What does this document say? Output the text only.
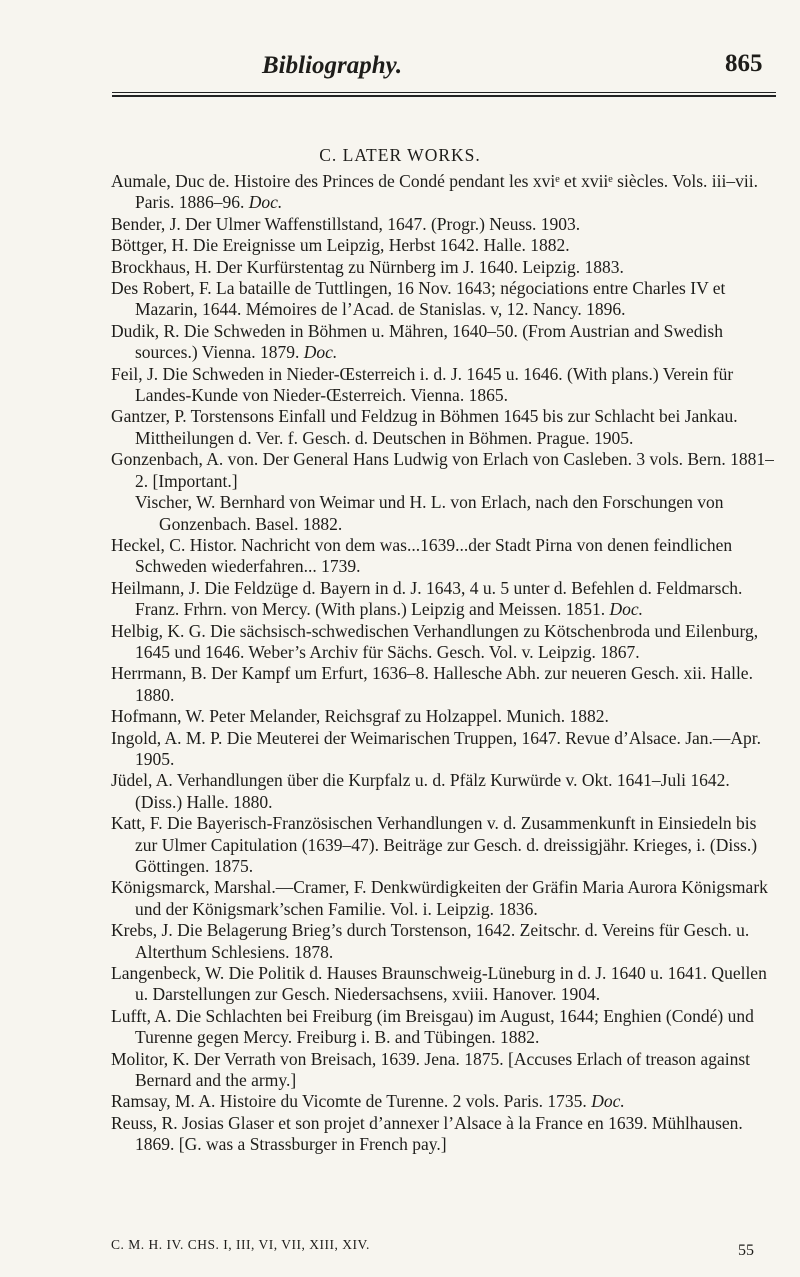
Bibliography.	865
C. LATER WORKS.

Aumale, Duc de. Histoire des Princes de Condé pendant les xviᵉ et xviiᵉ siècles. Vols. iii–vii. Paris. 1886–96. Doc.

Bender, J. Der Ulmer Waffenstillstand, 1647. (Progr.) Neuss. 1903.

Böttger, H. Die Ereignisse um Leipzig, Herbst 1642. Halle. 1882.

Brockhaus, H. Der Kurfürstentag zu Nürnberg im J. 1640. Leipzig. 1883.

Des Robert, F. La bataille de Tuttlingen, 16 Nov. 1643; négociations entre Charles IV et Mazarin, 1644. Mémoires de l’Acad. de Stanislas. v, 12. Nancy. 1896.

Dudik, R. Die Schweden in Böhmen u. Mähren, 1640–50. (From Austrian and Swedish sources.) Vienna. 1879. Doc.

Feil, J. Die Schweden in Nieder-Œsterreich i. d. J. 1645 u. 1646. (With plans.) Verein für Landes-Kunde von Nieder-Œsterreich. Vienna. 1865.

Gantzer, P. Torstensons Einfall und Feldzug in Böhmen 1645 bis zur Schlacht bei Jankau. Mittheilungen d. Ver. f. Gesch. d. Deutschen in Böhmen. Prague. 1905.

Gonzenbach, A. von. Der General Hans Ludwig von Erlach von Casleben. 3 vols. Bern. 1881–2. [Important.]

Vischer, W. Bernhard von Weimar und H. L. von Erlach, nach den Forschungen von Gonzenbach. Basel. 1882.

Heckel, C. Histor. Nachricht von dem was...1639...der Stadt Pirna von denen feindlichen Schweden wiederfahren... 1739.

Heilmann, J. Die Feldzüge d. Bayern in d. J. 1643, 4 u. 5 unter d. Befehlen d. Feldmarsch. Franz. Frhrn. von Mercy. (With plans.) Leipzig and Meissen. 1851. Doc.

Helbig, K. G. Die sächsisch-schwedischen Verhandlungen zu Kötschenbroda und Eilenburg, 1645 und 1646. Weber’s Archiv für Sächs. Gesch. Vol. v. Leipzig. 1867.

Herrmann, B. Der Kampf um Erfurt, 1636–8. Hallesche Abh. zur neueren Gesch. xii. Halle. 1880.

Hofmann, W. Peter Melander, Reichsgraf zu Holzappel. Munich. 1882.

Ingold, A. M. P. Die Meuterei der Weimarischen Truppen, 1647. Revue d’Alsace. Jan.—Apr. 1905.

Jüdel, A. Verhandlungen über die Kurpfalz u. d. Pfälz Kurwürde v. Okt. 1641–Juli 1642. (Diss.) Halle. 1880.

Katt, F. Die Bayerisch-Französischen Verhandlungen v. d. Zusammenkunft in Einsiedeln bis zur Ulmer Capitulation (1639–47). Beiträge zur Gesch. d. dreissigjähr. Krieges, i. (Diss.) Göttingen. 1875.

Königsmarck, Marshal.—Cramer, F. Denkwürdigkeiten der Gräfin Maria Aurora Königsmark und der Königsmark’schen Familie. Vol. i. Leipzig. 1836.

Krebs, J. Die Belagerung Brieg’s durch Torstenson, 1642. Zeitschr. d. Vereins für Gesch. u. Alterthum Schlesiens. 1878.

Langenbeck, W. Die Politik d. Hauses Braunschweig-Lüneburg in d. J. 1640 u. 1641. Quellen u. Darstellungen zur Gesch. Niedersachsens, xviii. Hanover. 1904.

Lufft, A. Die Schlachten bei Freiburg (im Breisgau) im August, 1644; Enghien (Condé) und Turenne gegen Mercy. Freiburg i. B. and Tübingen. 1882.

Molitor, K. Der Verrath von Breisach, 1639. Jena. 1875. [Accuses Erlach of treason against Bernard and the army.]

Ramsay, M. A. Histoire du Vicomte de Turenne. 2 vols. Paris. 1735. Doc.

Reuss, R. Josias Glaser et son projet d’annexer l’Alsace à la France en 1639. Mühlhausen. 1869. [G. was a Strassburger in French pay.]

C. M. H. IV. CHS. I, III, VI, VII, XIII, XIV.	55
